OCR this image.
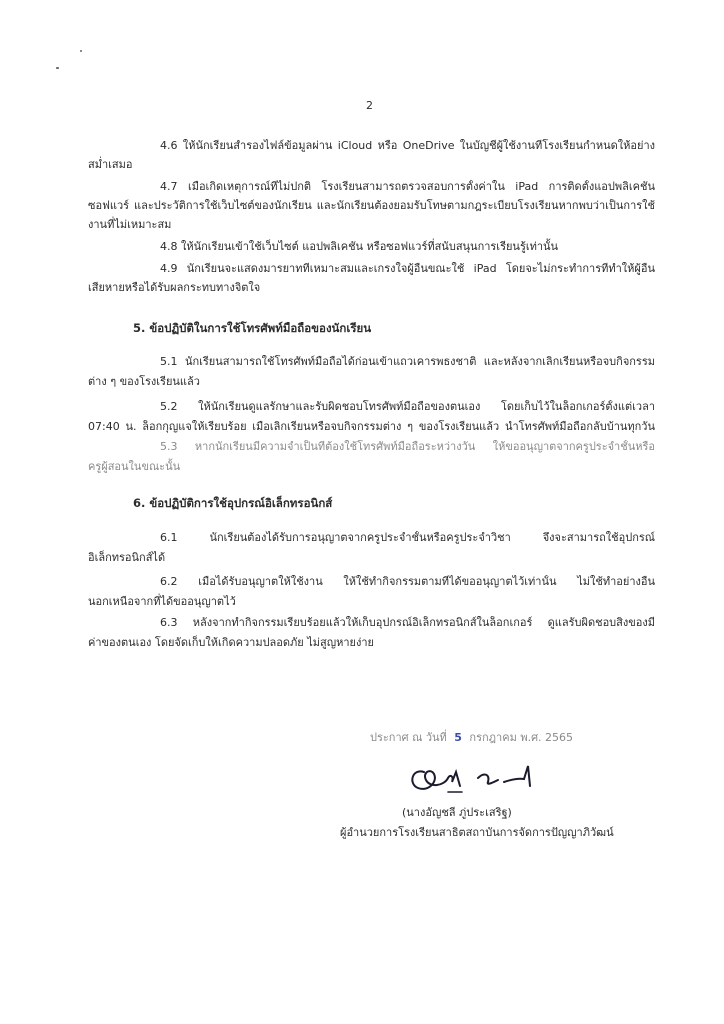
2
4.6 ให้นักเรียนสำรองไฟล์ข้อมูลผ่าน iCloud หรือ OneDrive ในบัญชีผู้ใช้งานที่โรงเรียนกำหนดให้อย่าง
สม่ำเสมอ
4.7 เมื่อเกิดเหตุการณ์ที่ไม่ปกติ โรงเรียนสามารถตรวจสอบการตั้งค่าใน iPad การติดตั้งแอปพลิเคชัน
ซอฟแวร์ และประวัติการใช้เว็บไซต์ของนักเรียน และนักเรียนต้องยอมรับโทษตามกฎระเบียบโรงเรียนหากพบว่าเป็นการใช้
งานที่ไม่เหมาะสม
4.8 ให้นักเรียนเข้าใช้เว็บไซต์ แอปพลิเคชัน หรือซอฟแวร์ที่สนับสนุนการเรียนรู้เท่านั้น
4.9 นักเรียนจะแสดงมารยาทที่เหมาะสมและเกรงใจผู้อื่นขณะใช้ iPad โดยจะไม่กระทำการที่ทำให้ผู้อื่น
เสียหายหรือได้รับผลกระทบทางจิตใจ
5. ข้อปฏิบัติในการใช้โทรศัพท์มือถือของนักเรียน
5.1 นักเรียนสามารถใช้โทรศัพท์มือถือได้ก่อนเข้าแถวเคารพธงชาติ และหลังจากเลิกเรียนหรือจบกิจกรรม
ต่าง ๆ ของโรงเรียนแล้ว
5.2 ให้นักเรียนดูแลรักษาและรับผิดชอบโทรศัพท์มือถือของตนเอง โดยเก็บไว้ในล็อกเกอร์ตั้งแต่เวลา
07:40 น. ล็อกกุญแจให้เรียบร้อย เมื่อเลิกเรียนหรือจบกิจกรรมต่าง ๆ ของโรงเรียนแล้ว นำโทรศัพท์มือถือกลับบ้านทุกวัน
5.3 หากนักเรียนมีความจำเป็นที่ต้องใช้โทรศัพท์มือถือระหว่างวัน ให้ขออนุญาตจากครูประจำชั้นหรือ
ครูผู้สอนในขณะนั้น
6. ข้อปฏิบัติการใช้อุปกรณ์อิเล็กทรอนิกส์
6.1 นักเรียนต้องได้รับการอนุญาตจากครูประจำชั้นหรือครูประจำวิชา จึงจะสามารถใช้อุปกรณ์
อิเล็กทรอนิกส์ได้
6.2 เมื่อได้รับอนุญาตให้ใช้งาน ให้ใช้ทำกิจกรรมตามที่ได้ขออนุญาตไว้เท่านั้น ไม่ใช้ทำอย่างอื่น
นอกเหนือจากที่ได้ขออนุญาตไว้
6.3 หลังจากทำกิจกรรมเรียบร้อยแล้วให้เก็บอุปกรณ์อิเล็กทรอนิกส์ในล็อกเกอร์ ดูแลรับผิดชอบสิ่งของมี
ค่าของตนเอง โดยจัดเก็บให้เกิดความปลอดภัย ไม่สูญหายง่าย
ประกาศ ณ วันที่ 5 กรกฎาคม พ.ศ. 2565
(นางอัญชลี ภู่ประเสริฐ)
ผู้อำนวยการโรงเรียนสาธิตสถาบันการจัดการปัญญาภิวัฒน์
